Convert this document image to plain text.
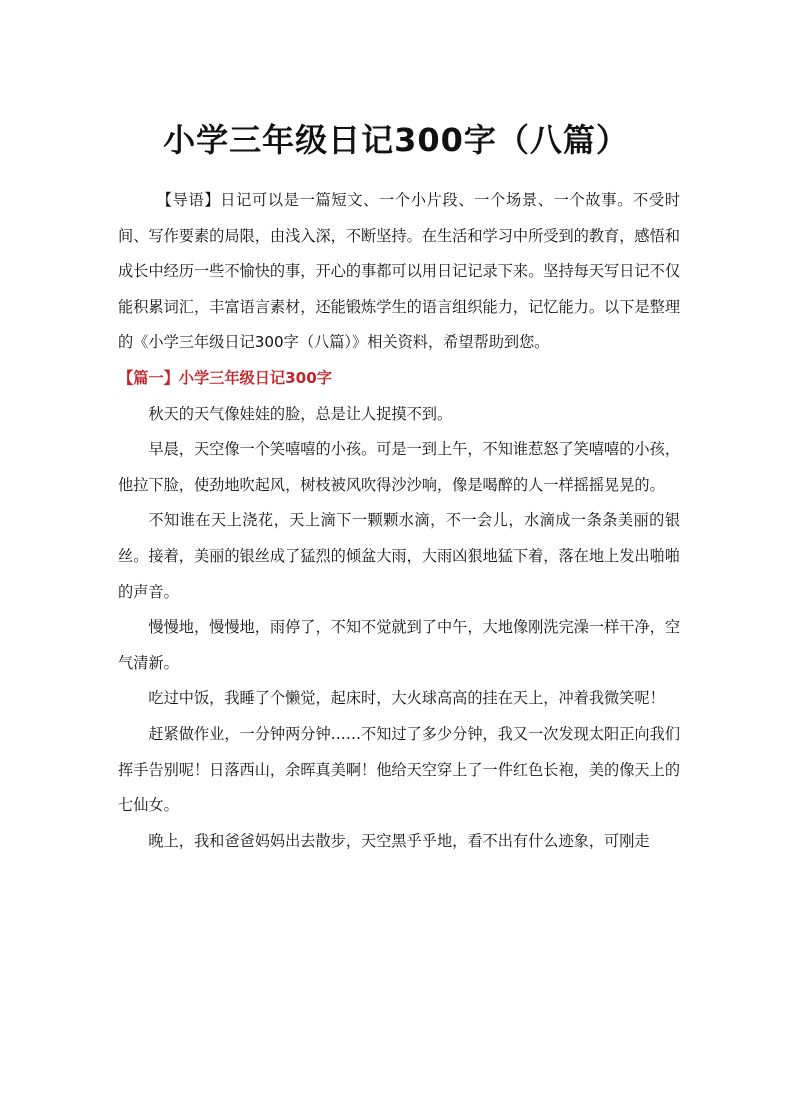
小学三年级日记300字（八篇）

【导语】日记可以是一篇短文、一个小片段、一个场景、一个故事。不受时间、写作要素的局限，由浅入深，不断坚持。在生活和学习中所受到的教育，感悟和成长中经历一些不愉快的事，开心的事都可以用日记记录下来。坚持每天写日记不仅能积累词汇，丰富语言素材，还能锻炼学生的语言组织能力，记忆能力。以下是整理的《小学三年级日记300字（八篇）》相关资料，希望帮助到您。

【篇一】小学三年级日记300字

秋天的天气像娃娃的脸，总是让人捉摸不到。

早晨，天空像一个笑嘻嘻的小孩。可是一到上午，不知谁惹怒了笑嘻嘻的小孩，他拉下脸，使劲地吹起风，树枝被风吹得沙沙响，像是喝醉的人一样摇摇晃晃的。

不知谁在天上浇花，天上滴下一颗颗水滴，不一会儿，水滴成一条条美丽的银丝。接着，美丽的银丝成了猛烈的倾盆大雨，大雨凶狠地猛下着，落在地上发出啪啪的声音。

慢慢地，慢慢地，雨停了，不知不觉就到了中午，大地像刚洗完澡一样干净，空气清新。

吃过中饭，我睡了个懒觉，起床时，大火球高高的挂在天上，冲着我微笑呢！

赶紧做作业，一分钟两分钟……不知过了多少分钟，我又一次发现太阳正向我们挥手告别呢！日落西山，余晖真美啊！他给天空穿上了一件红色长袍，美的像天上的七仙女。

晚上，我和爸爸妈妈出去散步，天空黑乎乎地，看不出有什么迹象，可刚走
